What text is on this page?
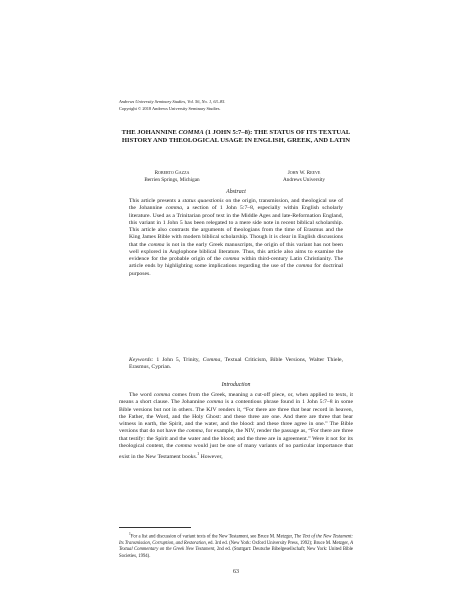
Andrews University Seminary Studies, Vol. 56, No. 1, 63–85.
Copyright © 2018 Andrews University Seminary Studies.
THE JOHANNINE COMMA (1 JOHN 5:7–8): THE STATUS OF ITS TEXTUAL HISTORY AND THEOLOGICAL USAGE IN ENGLISH, GREEK, AND LATIN
Roberto Gazza
Berrien Springs, Michigan
John W. Reeve
Andrews University
Abstract

This article presents a status quaestionis on the origin, transmission, and theological use of the Johannine comma, a section of 1 John 5:7–8, especially within English scholarly literature. Used as a Trinitarian proof text in the Middle Ages and late-Reformation England, this variant in 1 John 5 has been relegated to a mere side note in recent biblical scholarship. This article also contrasts the arguments of theologians from the time of Erasmus and the King James Bible with modern biblical scholarship. Though it is clear in English discussions that the comma is not in the early Greek manuscripts, the origin of this variant has not been well explored in Anglophone biblical literature. Thus, this article also aims to examine the evidence for the probable origin of the comma within third-century Latin Christianity. The article ends by highlighting some implications regarding the use of the comma for doctrinal purposes.

Keywords: 1 John 5, Trinity, Comma, Textual Criticism, Bible Versions, Walter Thiele, Erasmus, Cyprian.

Introduction

The word comma comes from the Greek, meaning a cut-off piece, or, when applied to texts, it means a short clause. The Johannine comma is a contentious phrase found in 1 John 5:7–8 in some Bible versions but not in others. The KJV renders it, “For there are three that bear record in heaven, the Father, the Word, and the Holy Ghost: and these three are one. And there are three that bear witness in earth, the Spirit, and the water, and the blood: and these three agree in one.” The Bible versions that do not have the comma, for example, the NIV, render the passage as, “For there are three that testify: the Spirit and the water and the blood; and the three are in agreement.” Were it not for its theological content, the comma would just be one of many variants of no particular importance that exist in the New Testament books.$^1$ However,

$^1$For a list and discussion of variant texts of the New Testament, see Bruce M. Metzger, The Text of the New Testament: Its Transmission, Corruption, and Restoration, ed. 3rd ed. (New York: Oxford University Press, 1992); Bruce M. Metzger, A Textual Commentary on the Greek New Testament, 2nd ed. (Stuttgart: Deutsche Bibelgesellschaft; New York: United Bible Societies, 1994).

63
